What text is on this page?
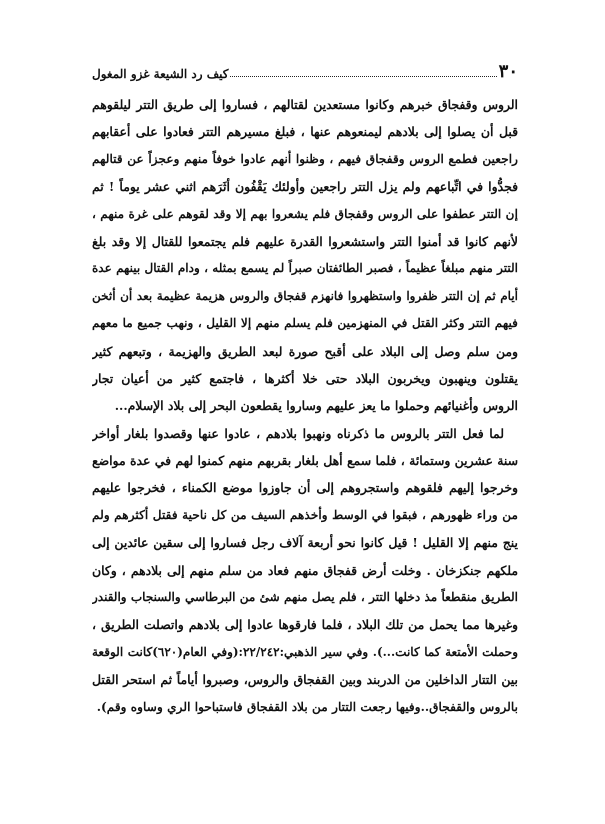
٣٠
كيف رد الشيعة غزو المغول
الروس وقفجاق خبرهم وكانوا مستعدين لقتالهم ، فساروا إلى طريق التتر ليلقوهم
قبل أن يصلوا إلى بلادهم ليمنعوهم عنها ، فبلغ مسيرهم التتر فعادوا على أعقابهم
راجعين فطمع الروس وقفجاق فيهم ، وظنوا أنهم عادوا خوفاً منهم وعجزاً عن قتالهم
فجدُّوا في اتِّباعهم ولم يزل التتر راجعين وأولئك يَقْفُون أثَرَهم اثني عشر يوماً ! ثم
إن التتر عطفوا على الروس وقفجاق فلم يشعروا بهم إلا وقد لقوهم على غرة منهم ،
لأنهم كانوا قد أمنوا التتر واستشعروا القدرة عليهم فلم يجتمعوا للقتال إلا وقد بلغ
التتر منهم مبلغاً عظيماً ، فصبر الطائفتان صبراً لم يسمع بمثله ، ودام القتال بينهم عدة
أيام ثم إن التتر ظفروا واستظهروا فانهزم قفجاق والروس هزيمة عظيمة بعد أن أثخن
فيهم التتر وكثر القتل في المنهزمين فلم يسلم منهم إلا القليل ، ونهب جميع ما معهم
ومن سلم وصل إلى البلاد على أقبح صورة لبعد الطريق والهزيمة ، وتبعهم كثير
يقتلون وينهبون ويخربون البلاد حتى خلا أكثرها ، فاجتمع كثير من أعيان تجار
الروس وأغنيائهم وحملوا ما يعز عليهم وساروا يقطعون البحر إلى بلاد الإسلام...
لما فعل التتر بالروس ما ذكرناه ونهبوا بلادهم ، عادوا عنها وقصدوا بلغار أواخر
سنة عشرين وستمائة ، فلما سمع أهل بلغار بقربهم منهم كمنوا لهم في عدة مواضع
وخرجوا إليهم فلقوهم واستجروهم إلى أن جاوزوا موضع الكمناء ، فخرجوا عليهم
من وراء ظهورهم ، فبقوا في الوسط وأخذهم السيف من كل ناحية فقتل أكثرهم ولم
ينج منهم إلا القليل ! قيل كانوا نحو أربعة آلاف رجل فساروا إلى سقين عائدين إلى
ملكهم جنكزخان . وخلت أرض قفجاق منهم فعاد من سلم منهم إلى بلادهم ، وكان
الطريق منقطعاً مذ دخلها التتر ، فلم يصل منهم شئ من البرطاسي والسنجاب والقندر
وغيرها مما يحمل من تلك البلاد ، فلما فارقوها عادوا إلى بلادهم واتصلت الطريق ،
وحملت الأمتعة كما كانت...). وفي سير الذهبي:٢٢/٢٤٢:(وفي العام(٦٢٠)كانت الوقعة
بين التتار الداخلين من الدربند وبين القفجاق والروس، وصبروا أياماً ثم استحر القتل
بالروس والقفجاق..وفيها رجعت التتار من بلاد القفجاق فاستباحوا الري وساوه وقم).
